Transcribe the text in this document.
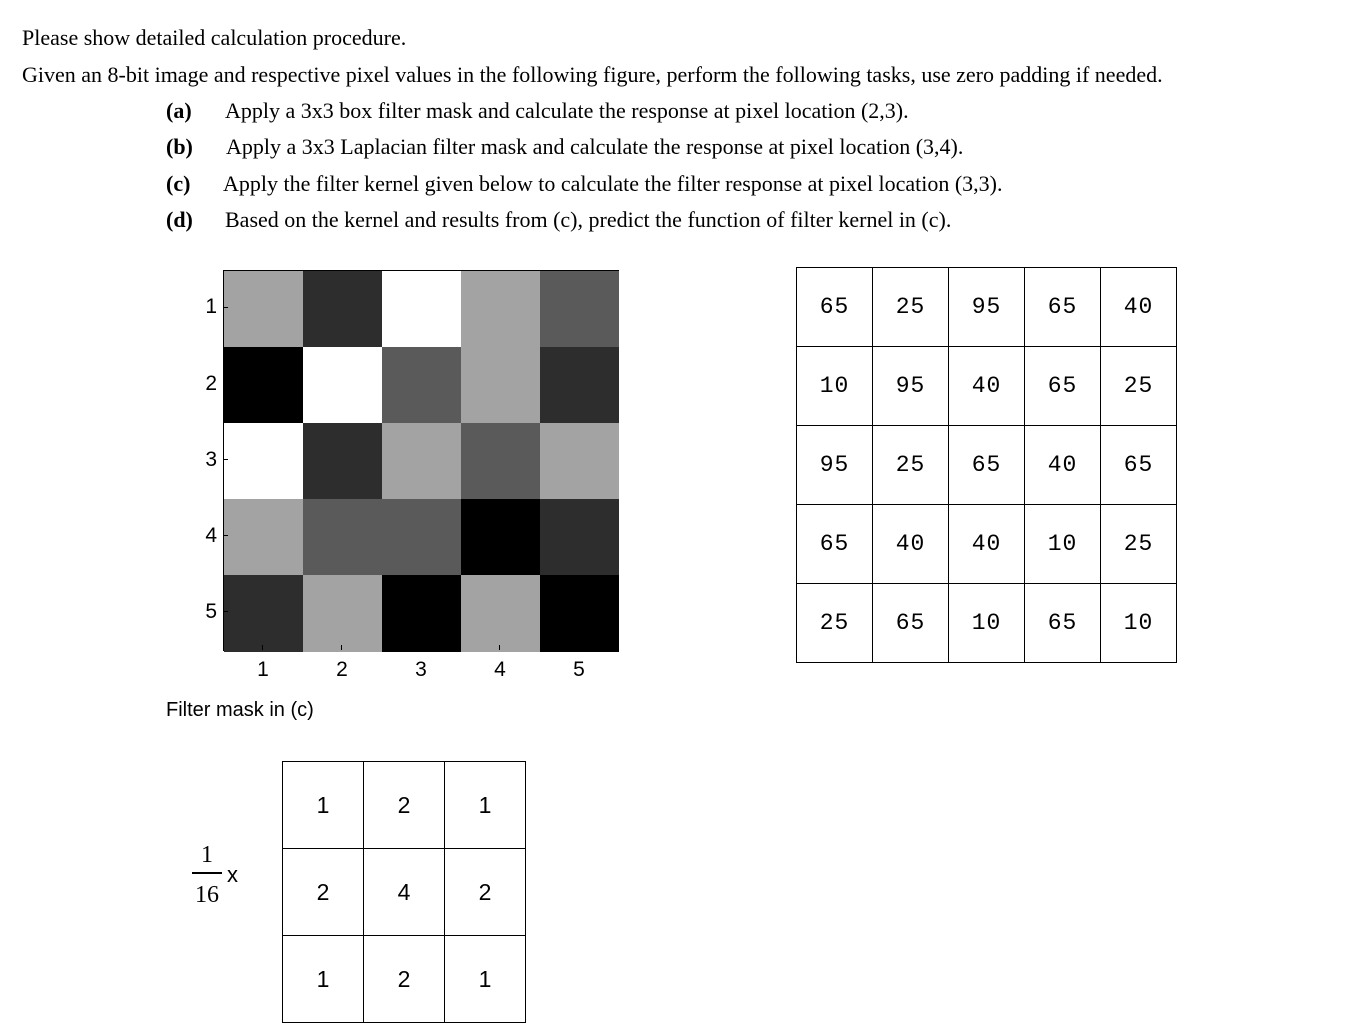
Please show detailed calculation procedure.
Given an 8-bit image and respective pixel values in the following figure, perform the following tasks, use zero padding if needed.
(a) Apply a 3x3 box filter mask and calculate the response at pixel location (2,3).
(b) Apply a 3x3 Laplacian filter mask and calculate the response at pixel location (3,4).
(c) Apply the filter kernel given below to calculate the filter response at pixel location (3,3).
(d) Based on the kernel and results from (c), predict the function of filter kernel in (c).
1
2
3
4
5
1	2	3	4	5
65	25	95	65	40
10	95	40	65	25
95	25	65	40	65
65	40	40	10	25
25	65	10	65	10
Filter mask in (c)
1
16
x
1	2	1
2	4	2
1	2	1
